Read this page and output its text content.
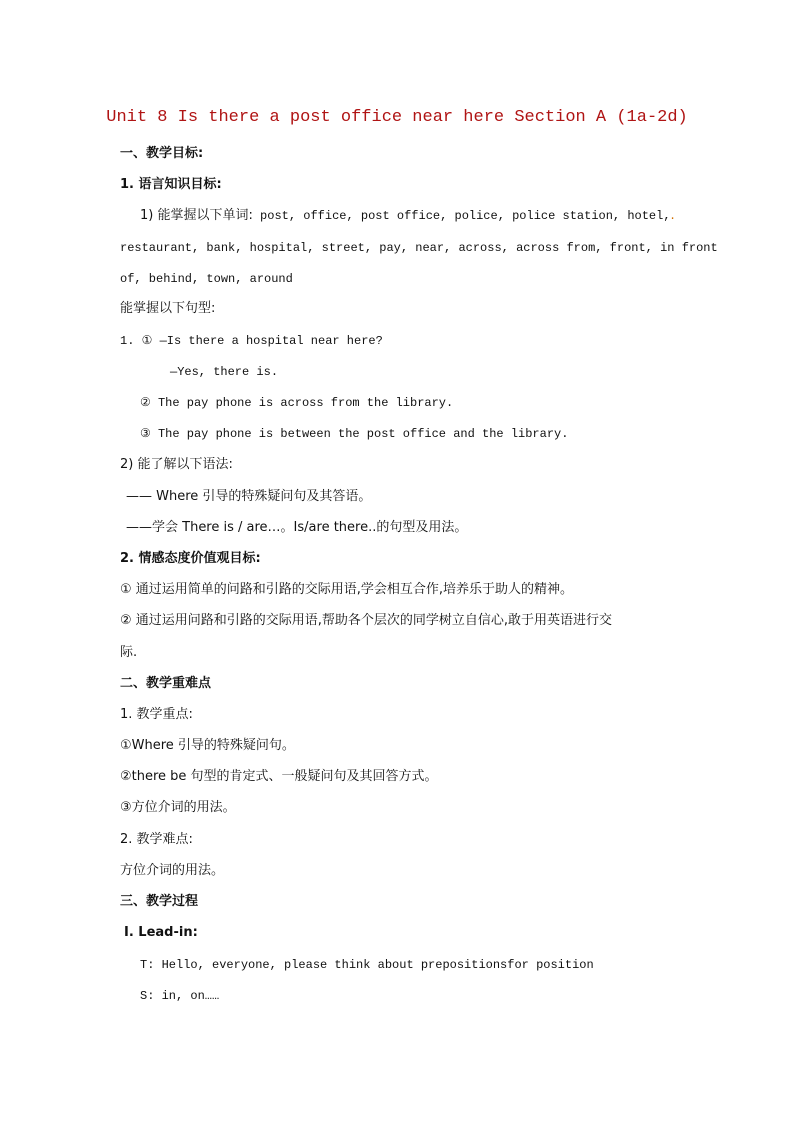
Unit 8 Is there a post office near here Section A (1a-2d)

一、教学目标:

1. 语言知识目标:

1) 能掌握以下单词: post, office, post office, police, police station, hotel,.

restaurant, bank, hospital, street, pay, near, across, across from, front, in front

of, behind, town, around

能掌握以下句型:

1. ① —Is there a hospital near here?

—Yes, there is.

② The pay phone is across from the library.

③ The pay phone is between the post office and the library.

2) 能了解以下语法:

—— Where 引导的特殊疑问句及其答语。

——学会 There is / are…。Is/are there..的句型及用法。

2. 情感态度价值观目标:

① 通过运用简单的问路和引路的交际用语,学会相互合作,培养乐于助人的精神。

② 通过运用问路和引路的交际用语,帮助各个层次的同学树立自信心,敢于用英语进行交

际.

二、教学重难点

1. 教学重点:

①Where 引导的特殊疑问句。

②there be 句型的肯定式、一般疑问句及其回答方式。

③方位介词的用法。

2. 教学难点:

方位介词的用法。

三、教学过程

Ⅰ. Lead-in:

T: Hello, everyone, please think about prepositionsfor position

S: in, on……
